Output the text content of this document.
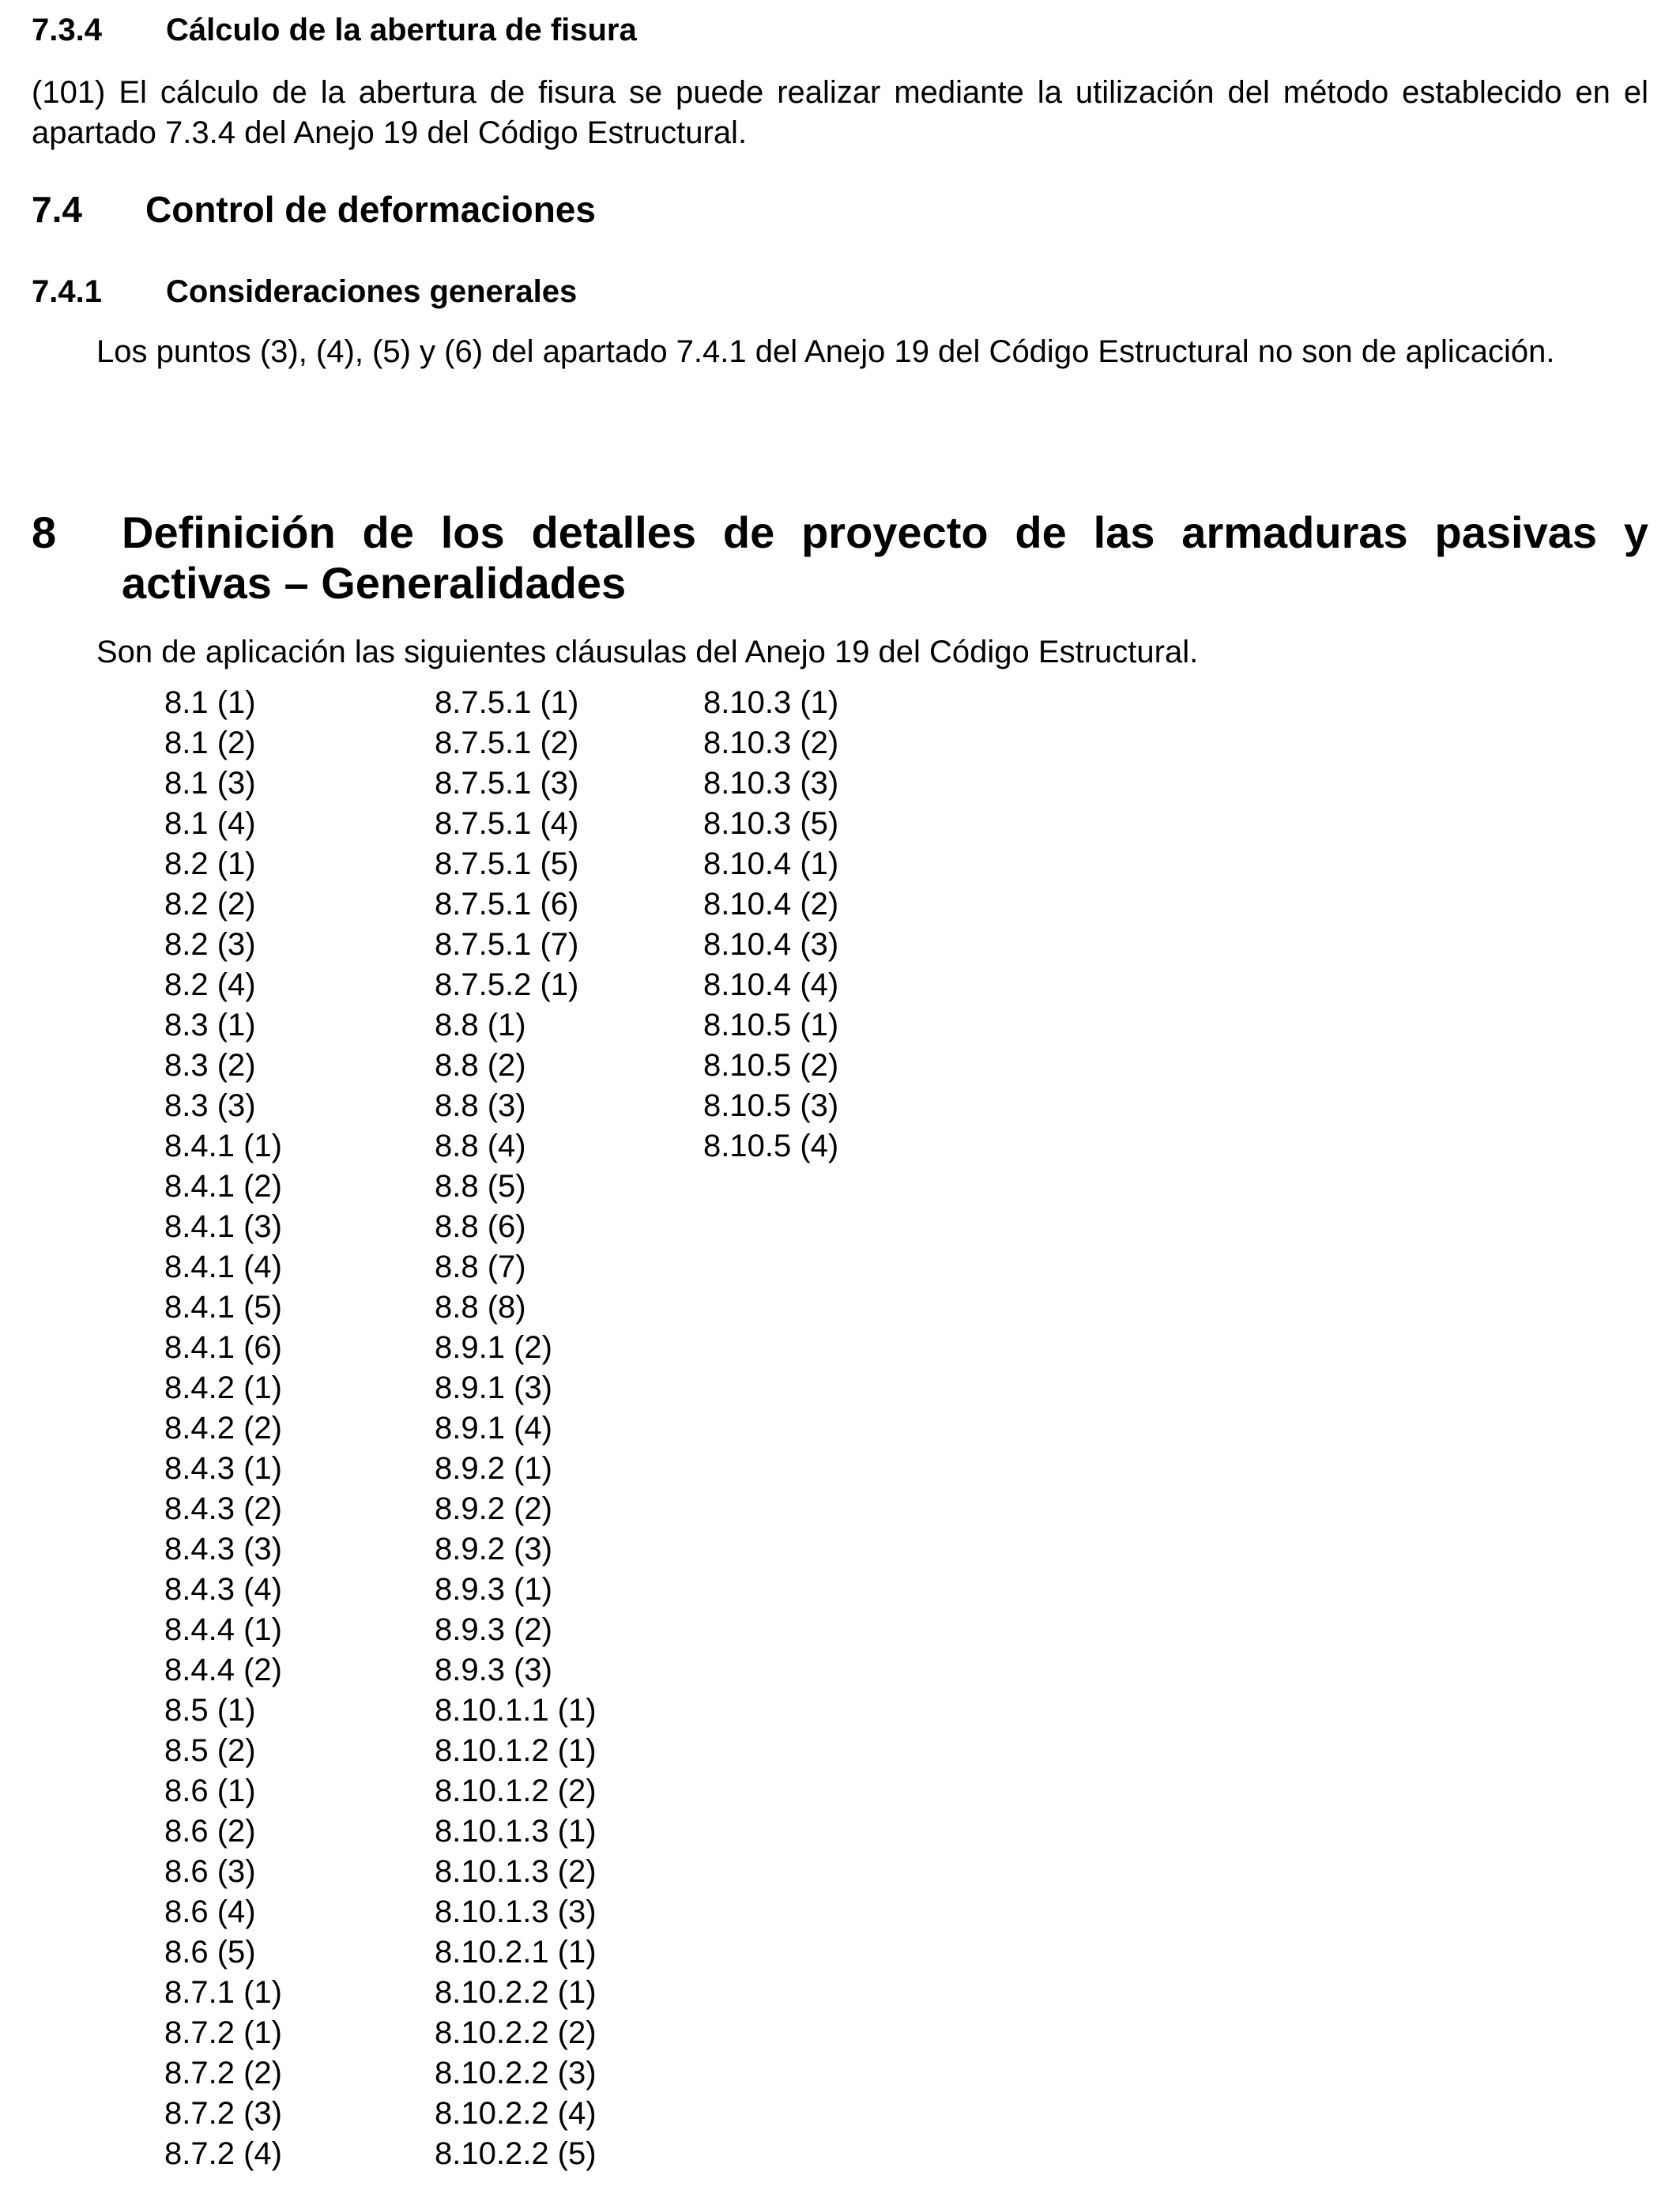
7.3.4 Cálculo de la abertura de fisura

(101) El cálculo de la abertura de fisura se puede realizar mediante la utilización del método establecido en el apartado 7.3.4 del Anejo 19 del Código Estructural.

7.4 Control de deformaciones
7.4.1 Consideraciones generales

Los puntos (3), (4), (5) y (6) del apartado 7.4.1 del Anejo 19 del Código Estructural no son de aplicación.

8 Definición de los detalles de proyecto de las armaduras pasivas y activas – Generalidades
Son de aplicación las siguientes cláusulas del Anejo 19 del Código Estructural.
8.1 (1)
8.1 (2)
8.1 (3)
8.1 (4)
8.2 (1)
8.2 (2)
8.2 (3)
8.2 (4)
8.3 (1)
8.3 (2)
8.3 (3)
8.4.1 (1)
8.4.1 (2)
8.4.1 (3)
8.4.1 (4)
8.4.1 (5)
8.4.1 (6)
8.4.2 (1)
8.4.2 (2)
8.4.3 (1)
8.4.3 (2)
8.4.3 (3)
8.4.3 (4)
8.4.4 (1)
8.4.4 (2)
8.5 (1)
8.5 (2)
8.6 (1)
8.6 (2)
8.6 (3)
8.6 (4)
8.6 (5)
8.7.1 (1)
8.7.2 (1)
8.7.2 (2)
8.7.2 (3)
8.7.2 (4)
8.7.5.1 (1)
8.7.5.1 (2)
8.7.5.1 (3)
8.7.5.1 (4)
8.7.5.1 (5)
8.7.5.1 (6)
8.7.5.1 (7)
8.7.5.2 (1)
8.8 (1)
8.8 (2)
8.8 (3)
8.8 (4)
8.8 (5)
8.8 (6)
8.8 (7)
8.8 (8)
8.9.1 (2)
8.9.1 (3)
8.9.1 (4)
8.9.2 (1)
8.9.2 (2)
8.9.2 (3)
8.9.3 (1)
8.9.3 (2)
8.9.3 (3)
8.10.1.1 (1)
8.10.1.2 (1)
8.10.1.2 (2)
8.10.1.3 (1)
8.10.1.3 (2)
8.10.1.3 (3)
8.10.2.1 (1)
8.10.2.2 (1)
8.10.2.2 (2)
8.10.2.2 (3)
8.10.2.2 (4)
8.10.2.2 (5)
8.10.3 (1)
8.10.3 (2)
8.10.3 (3)
8.10.3 (5)
8.10.4 (1)
8.10.4 (2)
8.10.4 (3)
8.10.4 (4)
8.10.5 (1)
8.10.5 (2)
8.10.5 (3)
8.10.5 (4)
